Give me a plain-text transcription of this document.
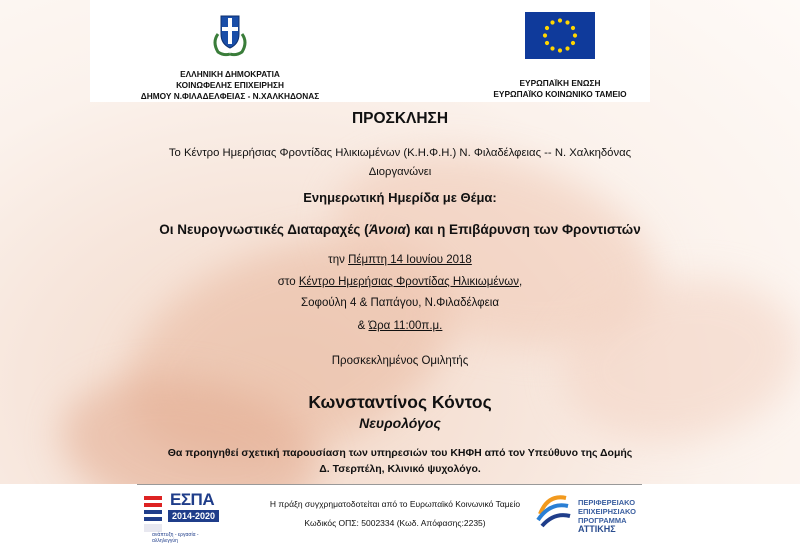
ΕΛΛΗΝΙΚΗ ΔΗΜΟΚΡΑΤΙΑ
ΚΟΙΝΩΦΕΛΗΣ ΕΠΙΧΕΙΡΗΣΗ
ΔΗΜΟΥ Ν.ΦΙΛΑΔΕΛΦΕΙΑΣ - Ν.ΧΑΛΚΗΔΟΝΑΣ
ΕΥΡΩΠΑΪΚΗ ΕΝΩΣΗ
ΕΥΡΩΠΑΪΚΟ ΚΟΙΝΩΝΙΚΟ ΤΑΜΕΙΟ
ΠΡΟΣΚΛΗΣΗ
Το Κέντρο Ημερήσιας Φροντίδας Ηλικιωμένων (Κ.Η.Φ.Η.) Ν. Φιλαδέλφειας -- Ν. Χαλκηδόνας
Διοργανώνει
Ενημερωτική Ημερίδα με Θέμα:
Οι Νευρογνωστικές Διαταραχές (Άνοια) και η Επιβάρυνση των Φροντιστών
την Πέμπτη 14 Ιουνίου 2018
στο Κέντρο Ημερήσιας Φροντίδας Ηλικιωμένων,
Σοφούλη 4 & Παπάγου, Ν.Φιλαδέλφεια
& Ώρα 11:00π.μ.
Προσκεκλημένος Ομιλητής
Κωνσταντίνος Κόντος
Νευρολόγος
Θα προηγηθεί σχετική παρουσίαση των υπηρεσιών του ΚΗΦΗ από τον Υπεύθυνο της Δομής
Δ. Τσερπέλη, Κλινικό ψυχολόγο.
ΕΣΠΑ
2014-2020
ανάπτυξη - εργασία - αλληλεγγύη
Η πράξη συγχρηματοδοτείται από το Ευρωπαϊκό Κοινωνικό Ταμείο
Κωδικός ΟΠΣ: 5002334 (Κωδ. Απόφασης:2235)
ΠΕΡΙΦΕΡΕΙΑΚΟ
ΕΠΙΧΕΙΡΗΣΙΑΚΟ
ΠΡΟΓΡΑΜΜΑ
ΑΤΤΙΚΗΣ
